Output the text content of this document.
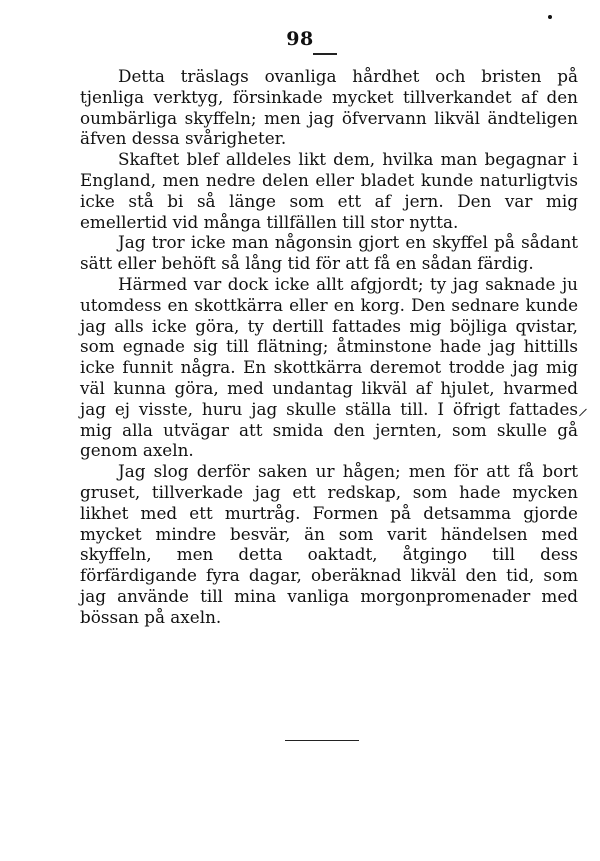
98

Detta träslags ovanliga hårdhet och bristen på tjenliga verktyg, försinkade mycket tillverkandet af den oumbärliga skyffeln; men jag öfvervann likväl ändteligen äfven dessa svårigheter.

Skaftet blef alldeles likt dem, hvilka man begagnar i England, men nedre delen eller bladet kunde naturligtvis icke stå bi så länge som ett af jern. Den var mig emellertid vid många tillfällen till stor nytta.

Jag tror icke man någonsin gjort en skyffel på sådant sätt eller behöft så lång tid för att få en sådan färdig.

Härmed var dock icke allt afgjordt; ty jag saknade ju utomdess en skottkärra eller en korg. Den sednare kunde jag alls icke göra, ty dertill fattades mig böjliga qvistar, som egnade sig till flätning; åtminstone hade jag hittills icke funnit några. En skottkärra deremot trodde jag mig väl kunna göra, med undantag likväl af hjulet, hvarmed jag ej visste, huru jag skulle ställa till. I öfrigt fattades mig alla utvägar att smida den jernten, som skulle gå genom axeln.

Jag slog derför saken ur hågen; men för att få bort gruset, tillverkade jag ett redskap, som hade mycken likhet med ett murtråg. Formen på detsamma gjorde mycket mindre besvär, än som varit händelsen med skyffeln, men detta oaktadt, åtgingo till dess förfärdigande fyra dagar, oberäknad likväl den tid, som jag använde till mina vanliga morgonpromenader med bössan på axeln.
